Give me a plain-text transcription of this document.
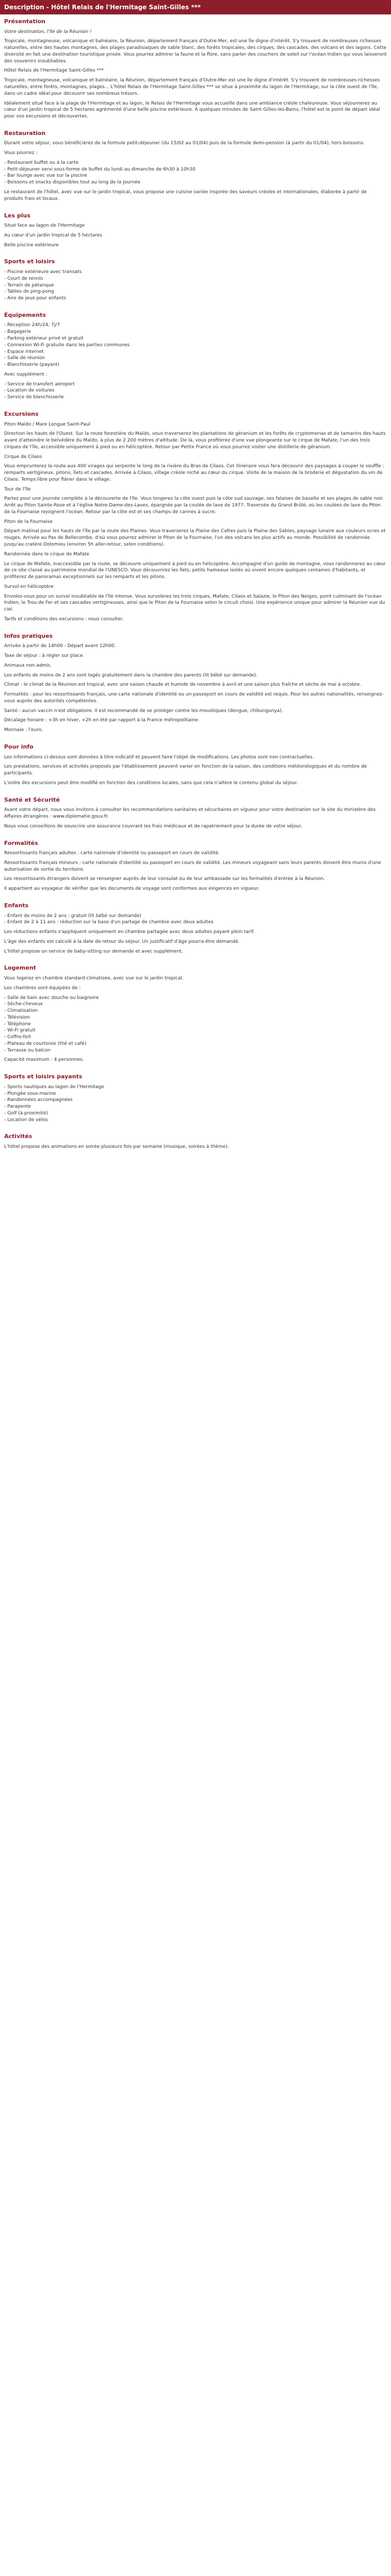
Description - Hôtel Relais de l'Hermitage Saint-Gilles ***
Présentation

Votre destination, l'île de la Réunion !

Tropicale, montagneuse, volcanique et balnéaire, la Réunion, département français d'Outre-Mer, est une île digne d'intérêt. S'y trouvent de nombreuses richesses naturelles, entre des hautes montagnes, des plages paradisiaques de sable blanc, des forêts tropicales, des cirques, des cascades, des volcans et des lagons. Cette diversité en fait une destination touristique prisée. Vous pourrez admirer la faune et la flore, sans parler des couchers de soleil sur l'océan Indien qui vous laisseront des souvenirs inoubliables.

Hôtel Relais de l'Hermitage Saint-Gilles ***

Tropicale, montagneuse, volcanique et balnéaire, la Réunion, département français d'Outre-Mer est une île digne d'intérêt. S'y trouvent de nombreuses richesses naturelles, entre forêts, montagnes, plages... L'hôtel Relais de l'Hermitage Saint-Gilles *** se situe à proximité du lagon de l'Hermitage, sur la côte ouest de l'île, dans un cadre idéal pour découvrir ses nombreux trésors.

Idéalement situé face à la plage de l'Hermitage et au lagon, le Relais de l'Hermitage vous accueille dans une ambiance créole chaleureuse. Vous séjournerez au cœur d'un jardin tropical de 5 hectares agrémenté d'une belle piscine extérieure. À quelques minutes de Saint-Gilles-les-Bains, l'hôtel est le point de départ idéal pour vos excursions et découvertes.

Restauration

Durant votre séjour, vous bénéficierez de la formule petit-déjeuner (du 15/02 au 01/04) puis de la formule demi-pension (à partir du 01/04), hors boissons.

Vous pourrez :

- Restaurant buffet ou à la carte
- Petit-déjeuner servi sous forme de buffet du lundi au dimanche de 6h30 à 10h30
- Bar lounge avec vue sur la piscine
- Boissons et snacks disponibles tout au long de la journée

Le restaurant de l'hôtel, avec vue sur le jardin tropical, vous propose une cuisine variée inspirée des saveurs créoles et internationales, élaborée à partir de produits frais et locaux.

Les plus

Situé face au lagon de l'Hermitage

Au cœur d'un jardin tropical de 5 hectares

Belle piscine extérieure

Sports et loisirs
- Piscine extérieure avec transats
- Court de tennis
- Terrain de pétanque
- Tables de ping-pong
- Aire de jeux pour enfants
Équipements
- Réception 24h/24, 7j/7
- Bagagerie
- Parking extérieur privé et gratuit
- Connexion Wi-Fi gratuite dans les parties communes
- Espace internet
- Salle de réunion
- Blanchisserie (payant)

Avec supplément :

- Service de transfert aéroport
- Location de voitures
- Service de blanchisserie
Excursions

Piton Maïdo / Mare Longue Saint-Paul

Direction les hauts de l'Ouest. Sur la route forestière du Maïdo, vous traverserez les plantations de géranium et les forêts de cryptomerias et de tamarins des hauts avant d'atteindre le belvédère du Maïdo, à plus de 2 200 mètres d'altitude. De là, vous profiterez d'une vue plongeante sur le cirque de Mafate, l'un des trois cirques de l'île, accessible uniquement à pied ou en hélicoptère. Retour par Petite France où vous pourrez visiter une distillerie de géranium.

Cirque de Cilaos

Vous emprunterez la route aux 400 virages qui serpente le long de la rivière du Bras de Cilaos. Cet itinéraire vous fera découvrir des paysages à couper le souffle : remparts vertigineux, pitons, îlets et cascades. Arrivée à Cilaos, village créole niché au cœur du cirque. Visite de la maison de la broderie et dégustation du vin de Cilaos. Temps libre pour flâner dans le village.

Tour de l'île

Partez pour une journée complète à la découverte de l'île. Vous longerez la côte ouest puis la côte sud sauvage, ses falaises de basalte et ses plages de sable noir. Arrêt au Piton Sainte-Rose et à l'église Notre-Dame-des-Laves, épargnée par la coulée de lave de 1977. Traversée du Grand Brûlé, où les coulées de lave du Piton de la Fournaise rejoignent l'océan. Retour par la côte est et ses champs de cannes à sucre.

Piton de la Fournaise

Départ matinal pour les hauts de l'île par la route des Plaines. Vous traverserez la Plaine des Cafres puis la Plaine des Sables, paysage lunaire aux couleurs ocres et rouges. Arrivée au Pas de Bellecombe, d'où vous pourrez admirer le Piton de la Fournaise, l'un des volcans les plus actifs au monde. Possibilité de randonnée jusqu'au cratère Dolomieu (environ 5h aller-retour, selon conditions).

Randonnée dans le cirque de Mafate

Le cirque de Mafate, inaccessible par la route, se découvre uniquement à pied ou en hélicoptère. Accompagné d'un guide de montagne, vous randonnerez au cœur de ce site classé au patrimoine mondial de l'UNESCO. Vous découvrirez les îlets, petits hameaux isolés où vivent encore quelques centaines d'habitants, et profiterez de panoramas exceptionnels sur les remparts et les pitons.

Survol en hélicoptère

Envolez-vous pour un survol inoubliable de l'île intense. Vous survolerez les trois cirques, Mafate, Cilaos et Salazie, le Piton des Neiges, point culminant de l'océan Indien, le Trou de Fer et ses cascades vertigineuses, ainsi que le Piton de la Fournaise selon le circuit choisi. Une expérience unique pour admirer la Réunion vue du ciel.

Tarifs et conditions des excursions : nous consulter.

Infos pratiques

Arrivée à partir de 14h00 - Départ avant 12h00.

Taxe de séjour : à régler sur place.

Animaux non admis.

Les enfants de moins de 2 ans sont logés gratuitement dans la chambre des parents (lit bébé sur demande).

Climat : le climat de la Réunion est tropical, avec une saison chaude et humide de novembre à avril et une saison plus fraîche et sèche de mai à octobre.

Formalités : pour les ressortissants français, une carte nationale d'identité ou un passeport en cours de validité est requis. Pour les autres nationalités, renseignez-vous auprès des autorités compétentes.

Santé : aucun vaccin n'est obligatoire. Il est recommandé de se protéger contre les moustiques (dengue, chikungunya).

Décalage horaire : +3h en hiver, +2h en été par rapport à la France métropolitaine.

Monnaie : l'euro.

Pour info

Les informations ci-dessus sont données à titre indicatif et peuvent faire l'objet de modifications. Les photos sont non contractuelles.

Les prestations, services et activités proposés par l'établissement peuvent varier en fonction de la saison, des conditions météorologiques et du nombre de participants.

L'ordre des excursions peut être modifié en fonction des conditions locales, sans que cela n'altère le contenu global du séjour.

Santé et Sécurité

Avant votre départ, nous vous invitons à consulter les recommandations sanitaires et sécuritaires en vigueur pour votre destination sur le site du ministère des Affaires étrangères : www.diplomatie.gouv.fr.

Nous vous conseillons de souscrire une assurance couvrant les frais médicaux et de rapatriement pour la durée de votre séjour.

Formalités

Ressortissants français adultes : carte nationale d'identité ou passeport en cours de validité.

Ressortissants français mineurs : carte nationale d'identité ou passeport en cours de validité. Les mineurs voyageant sans leurs parents doivent être munis d'une autorisation de sortie du territoire.

Les ressortissants étrangers doivent se renseigner auprès de leur consulat ou de leur ambassade sur les formalités d'entrée à la Réunion.

Il appartient au voyageur de vérifier que les documents de voyage sont conformes aux exigences en vigueur.

Enfants
- Enfant de moins de 2 ans : gratuit (lit bébé sur demande)
- Enfant de 2 à 11 ans : réduction sur la base d'un partage de chambre avec deux adultes

Les réductions enfants s'appliquent uniquement en chambre partagée avec deux adultes payant plein tarif.

L'âge des enfants est calculé à la date de retour du séjour. Un justificatif d'âge pourra être demandé.

L'hôtel propose un service de baby-sitting sur demande et avec supplément.

Logement

Vous logerez en chambre standard climatisée, avec vue sur le jardin tropical.

Les chambres sont équipées de :

- Salle de bain avec douche ou baignoire
- Sèche-cheveux
- Climatisation
- Télévision
- Téléphone
- Wi-Fi gratuit
- Coffre-fort
- Plateau de courtoisie (thé et café)
- Terrasse ou balcon

Capacité maximum : 4 personnes.

Sports et loisirs payants
- Sports nautiques au lagon de l'Hermitage
- Plongée sous-marine
- Randonnées accompagnées
- Parapente
- Golf (à proximité)
- Location de vélos
Activités

L'hôtel propose des animations en soirée plusieurs fois par semaine (musique, soirées à thème).
